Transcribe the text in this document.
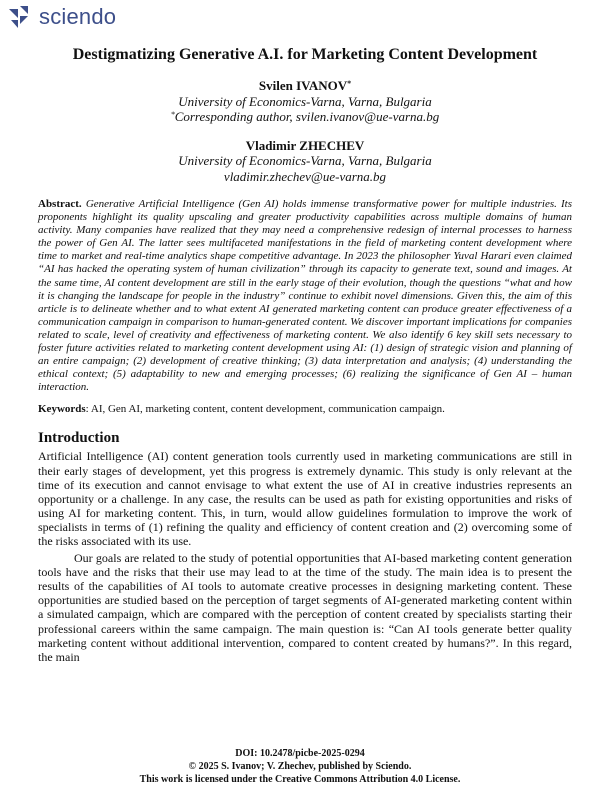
sciendo
Destigmatizing Generative A.I. for Marketing Content Development
Svilen IVANOV*
University of Economics-Varna, Varna, Bulgaria
*Corresponding author, svilen.ivanov@ue-varna.bg
Vladimir ZHECHEV
University of Economics-Varna, Varna, Bulgaria
vladimir.zhechev@ue-varna.bg
Abstract. Generative Artificial Intelligence (Gen AI) holds immense transformative power for multiple industries. Its proponents highlight its quality upscaling and greater productivity capabilities across multiple domains of human activity. Many companies have realized that they may need a comprehensive redesign of internal processes to harness the power of Gen AI. The latter sees multifaceted manifestations in the field of marketing content development where time to market and real-time analytics shape competitive advantage. In 2023 the philosopher Yuval Harari even claimed “AI has hacked the operating system of human civilization” through its capacity to generate text, sound and images. At the same time, AI content development are still in the early stage of their evolution, though the questions “what and how it is changing the landscape for people in the industry” continue to exhibit novel dimensions. Given this, the aim of this article is to delineate whether and to what extent AI generated marketing content can produce greater effectiveness of a communication campaign in comparison to human-generated content. We discover important implications for companies related to scale, level of creativity and effectiveness of marketing content. We also identify 6 key skill sets necessary to foster future activities related to marketing content development using AI: (1) design of strategic vision and planning of an entire campaign; (2) development of creative thinking; (3) data interpretation and analysis; (4) understanding the ethical context; (5) adaptability to new and emerging processes; (6) realizing the significance of Gen AI – human interaction.
Keywords: AI, Gen AI, marketing content, content development, communication campaign.
Introduction

Artificial Intelligence (AI) content generation tools currently used in marketing communications are still in their early stages of development, yet this progress is extremely dynamic. This study is only relevant at the time of its execution and cannot envisage to what extent the use of AI in creative industries represents an opportunity or a challenge. In any case, the results can be used as path for existing opportunities and risks of using AI for marketing content. This, in turn, would allow guidelines formulation to improve the work of specialists in terms of (1) refining the quality and efficiency of content creation and (2) overcoming some of the risks associated with its use.

Our goals are related to the study of potential opportunities that AI-based marketing content generation tools have and the risks that their use may lead to at the time of the study. The main idea is to present the results of the capabilities of AI tools to automate creative processes in designing marketing content. These opportunities are studied based on the perception of target segments of AI-generated marketing content within a simulated campaign, which are compared with the perception of content created by specialists starting their professional careers within the same campaign. The main question is: “Can AI tools generate better quality marketing content without additional intervention, compared to content created by humans?”. In this regard, the main

DOI: 10.2478/picbe-2025-0294
© 2025 S. Ivanov; V. Zhechev, published by Sciendo.
This work is licensed under the Creative Commons Attribution 4.0 License.
